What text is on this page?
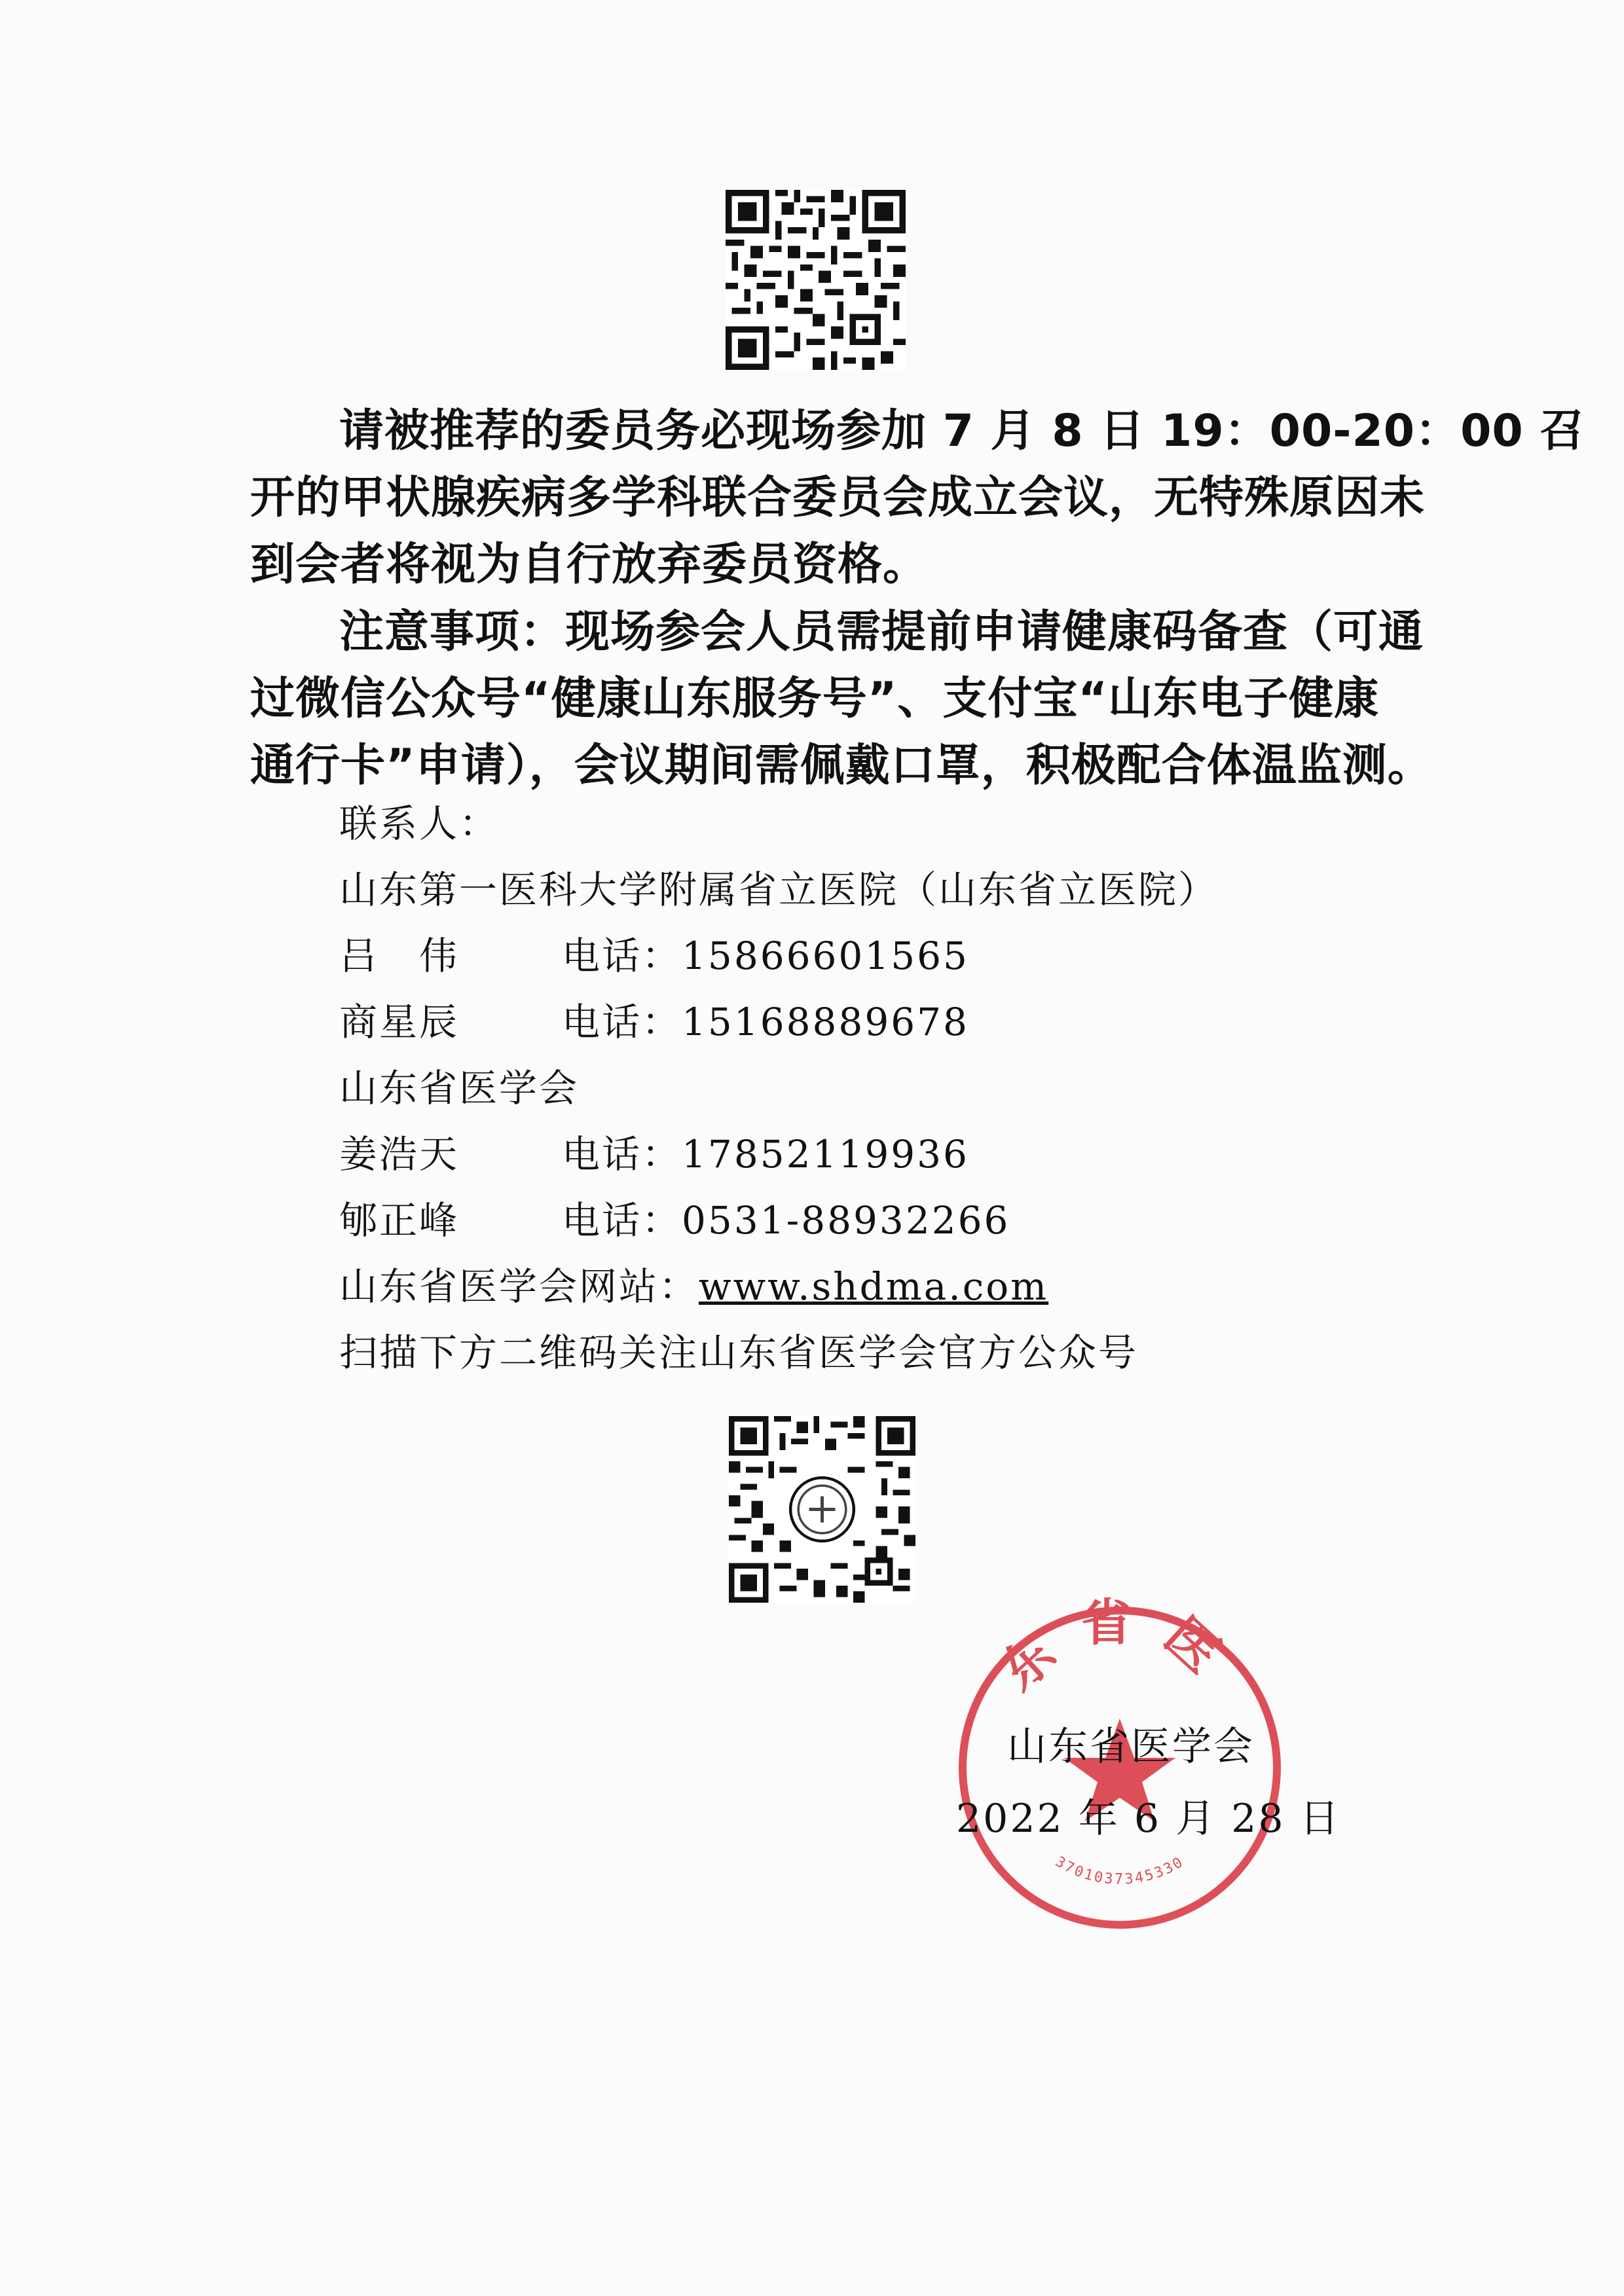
请被推荐的委员务必现场参加 7 月 8 日 19：00-20：00 召
开的甲状腺疾病多学科联合委员会成立会议，无特殊原因未
到会者将视为自行放弃委员资格。
注意事项：现场参会人员需提前申请健康码备查（可通
过微信公众号“健康山东服务号”、支付宝“山东电子健康
通行卡”申请），会议期间需佩戴口罩，积极配合体温监测。
联系人：
山东第一医科大学附属省立医院（山东省立医院）
吕　伟	电话：15866601565
商星辰	电话：15168889678
山东省医学会
姜浩天	电话：17852119936
郇正峰	电话：0531-88932266
山东省医学会网站：www.shdma.com
扫描下方二维码关注山东省医学会官方公众号
东省医
3701037345330
山东省医学会
2022 年 6 月 28 日
